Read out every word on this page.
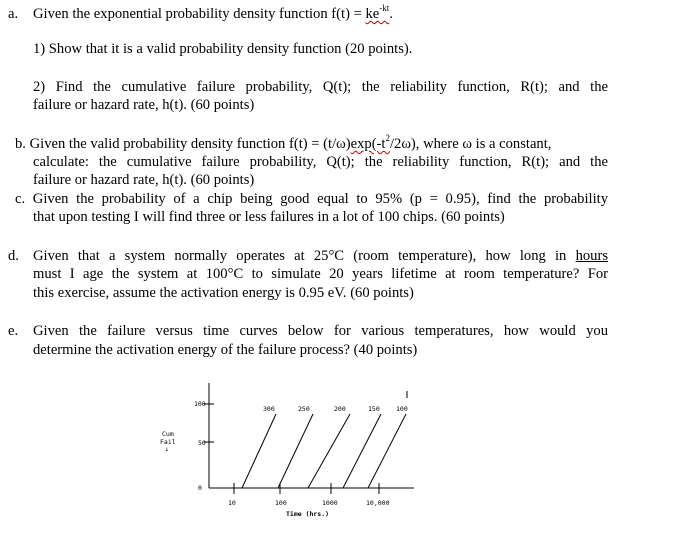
a. Given the exponential probability density function $f(t) = ke^{-kt}$.
1) Show that it is a valid probability density function (20 points).
2)  Find  the  cumulative  failure  probability,  Q(t);  the  reliability  function,  R(t);  and  the
failure or hazard rate, h(t). (60 points)
b. Given the valid probability density function $f(t) = (t/\omega)\exp(-t^2/2\omega)$, where ω is a constant,
calculate: the cumulative failure probability, Q(t); the reliability function, R(t); and the
failure or hazard rate, h(t). (60 points)
c. Given the probability of a chip being good equal to 95% (p = 0.95), find the probability
that upon testing I will find three or less failures in a lot of 100 chips. (60 points)
d. Given that a system normally operates at 25°C (room temperature), how long in hours
must I age the system at 100°C to simulate 20 years lifetime at room temperature? For
this exercise, assume the activation energy is 0.95 eV. (60 points)
e. Given the failure versus time curves below for various temperatures, how would you
determine the activation energy of the failure process? (40 points)
100
50
0
Cum
Fail
↓
10	100	1000	10,000
Time (hrs.)
300	250	200	150	100
